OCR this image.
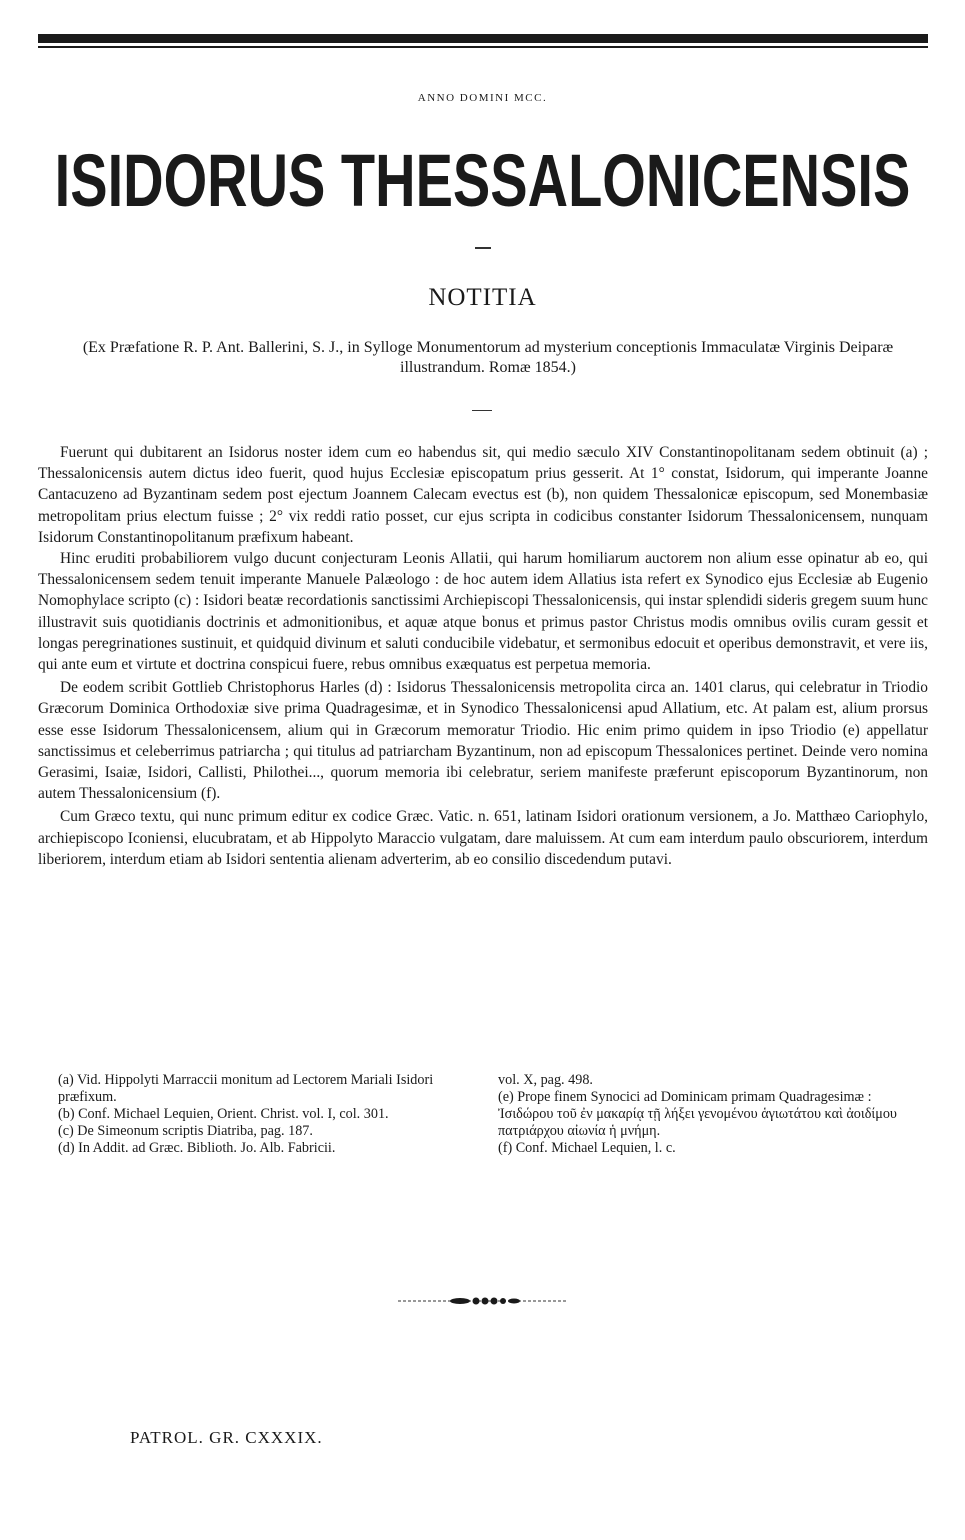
ANNO DOMINI MCC.
ISIDORUS THESSALONICENSIS
NOTITIA
(Ex Præfatione R. P. Ant. Ballerini, S. J., in Sylloge Monumentorum ad mysterium conceptionis Immaculatæ Virginis Deiparæ illustrandum. Romæ 1854.)

Fuerunt qui dubitarent an Isidorus noster idem cum eo habendus sit, qui medio sæculo XIV Constantinopolitanam sedem obtinuit (a) ; Thessalonicensis autem dictus ideo fuerit, quod hujus Ecclesiæ episcopatum prius gesserit. At 1° constat, Isidorum, qui imperante Joanne Cantacuzeno ad Byzantinam sedem post ejectum Joannem Calecam evectus est (b), non quidem Thessalonicæ episcopum, sed Monembasiæ metropolitam prius electum fuisse ; 2° vix reddi ratio posset, cur ejus scripta in codicibus constanter Isidorum Thessalonicensem, nunquam Isidorum Constantinopolitanum præfixum habeant.

Hinc eruditi probabiliorem vulgo ducunt conjecturam Leonis Allatii, qui harum homiliarum auctorem non alium esse opinatur ab eo, qui Thessalonicensem sedem tenuit imperante Manuele Palæologo : de hoc autem idem Allatius ista refert ex Synodico ejus Ecclesiæ ab Eugenio Nomophylace scripto (c) : Isidori beatæ recordationis sanctissimi Archiepiscopi Thessalonicensis, qui instar splendidi sideris gregem suum hunc illustravit suis quotidianis doctrinis et admonitionibus, et aquæ atque bonus et primus pastor Christus modis omnibus ovilis curam gessit et longas peregrinationes sustinuit, et quidquid divinum et saluti conducibile videbatur, et sermonibus edocuit et operibus demonstravit, et vere iis, qui ante eum et virtute et doctrina conspicui fuere, rebus omnibus exæquatus est perpetua memoria.

De eodem scribit Gottlieb Christophorus Harles (d) : Isidorus Thessalonicensis metropolita circa an. 1401 clarus, qui celebratur in Triodio Græcorum Dominica Orthodoxiæ sive prima Quadragesimæ, et in Synodico Thessalonicensi apud Allatium, etc. At palam est, alium prorsus esse esse Isidorum Thessalonicensem, alium qui in Græcorum memoratur Triodio. Hic enim primo quidem in ipso Triodio (e) appellatur sanctissimus et celeberrimus patriarcha ; qui titulus ad patriarcham Byzantinum, non ad episcopum Thessalonices pertinet. Deinde vero nomina Gerasimi, Isaiæ, Isidori, Callisti, Philothei..., quorum memoria ibi celebratur, seriem manifeste præferunt episcoporum Byzantinorum, non autem Thessalonicensium (f).

Cum Græco textu, qui nunc primum editur ex codice Græc. Vatic. n. 651, latinam Isidori orationum versionem, a Jo. Matthæo Cariophylo, archiepiscopo Iconiensi, elucubratam, et ab Hippolyto Maraccio vulgatam, dare maluissem. At cum eam interdum paulo obscuriorem, interdum liberiorem, interdum etiam ab Isidori sententia alienam adverterim, ab eo consilio discedendum putavi.

(a) Vid. Hippolyti Marraccii monitum ad Lectorem Mariali Isidori præfixum.

(b) Conf. Michael Lequien, Orient. Christ. vol. I, col. 301.

(c) De Simeonum scriptis Diatriba, pag. 187.

(d) In Addit. ad Græc. Biblioth. Jo. Alb. Fabricii.

vol. X, pag. 498.

(e) Prope finem Synocici ad Dominicam primam Quadragesimæ : Ἰσιδώρου τοῦ ἐν μακαρίᾳ τῇ λήξει γενομένου ἁγιωτάτου καὶ ἀοιδίμου πατριάρχου αἰωνία ἡ μνήμη.

(f) Conf. Michael Lequien, l. c.

PATROL. GR. CXXXIX.
